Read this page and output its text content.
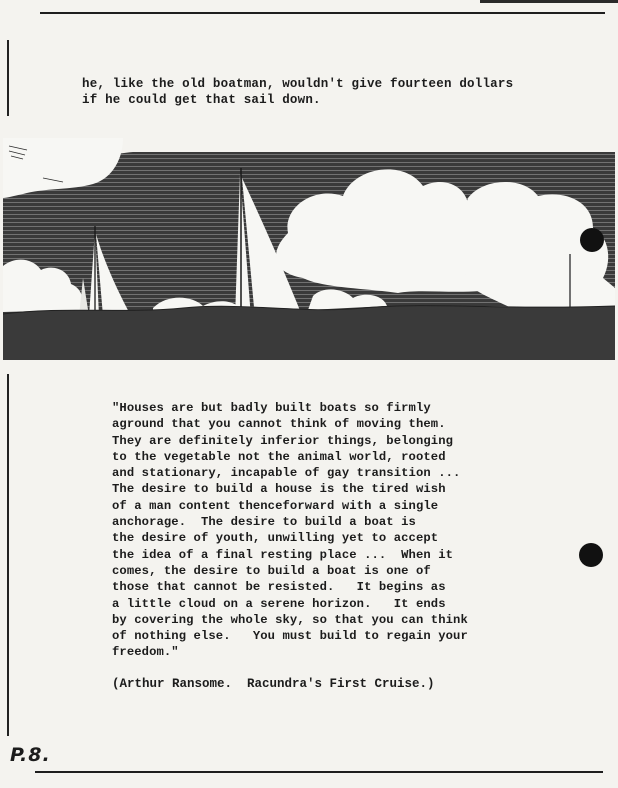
he, like the old boatman, wouldn't give fourteen dollars
if he could get that sail down.
"Houses are but badly built boats so firmly
aground that you cannot think of moving them.
They are definitely inferior things, belonging
to the vegetable not the animal world, rooted
and stationary, incapable of gay transition ...
The desire to build a house is the tired wish
of a man content thenceforward with a single
anchorage.  The desire to build a boat is
the desire of youth, unwilling yet to accept
the idea of a final resting place ...  When it
comes, the desire to build a boat is one of
those that cannot be resisted.   It begins as
a little cloud on a serene horizon.   It ends
by covering the whole sky, so that you can think
of nothing else.   You must build to regain your
freedom."
(Arthur Ransome.  Racundra's First Cruise.)
P.8.
